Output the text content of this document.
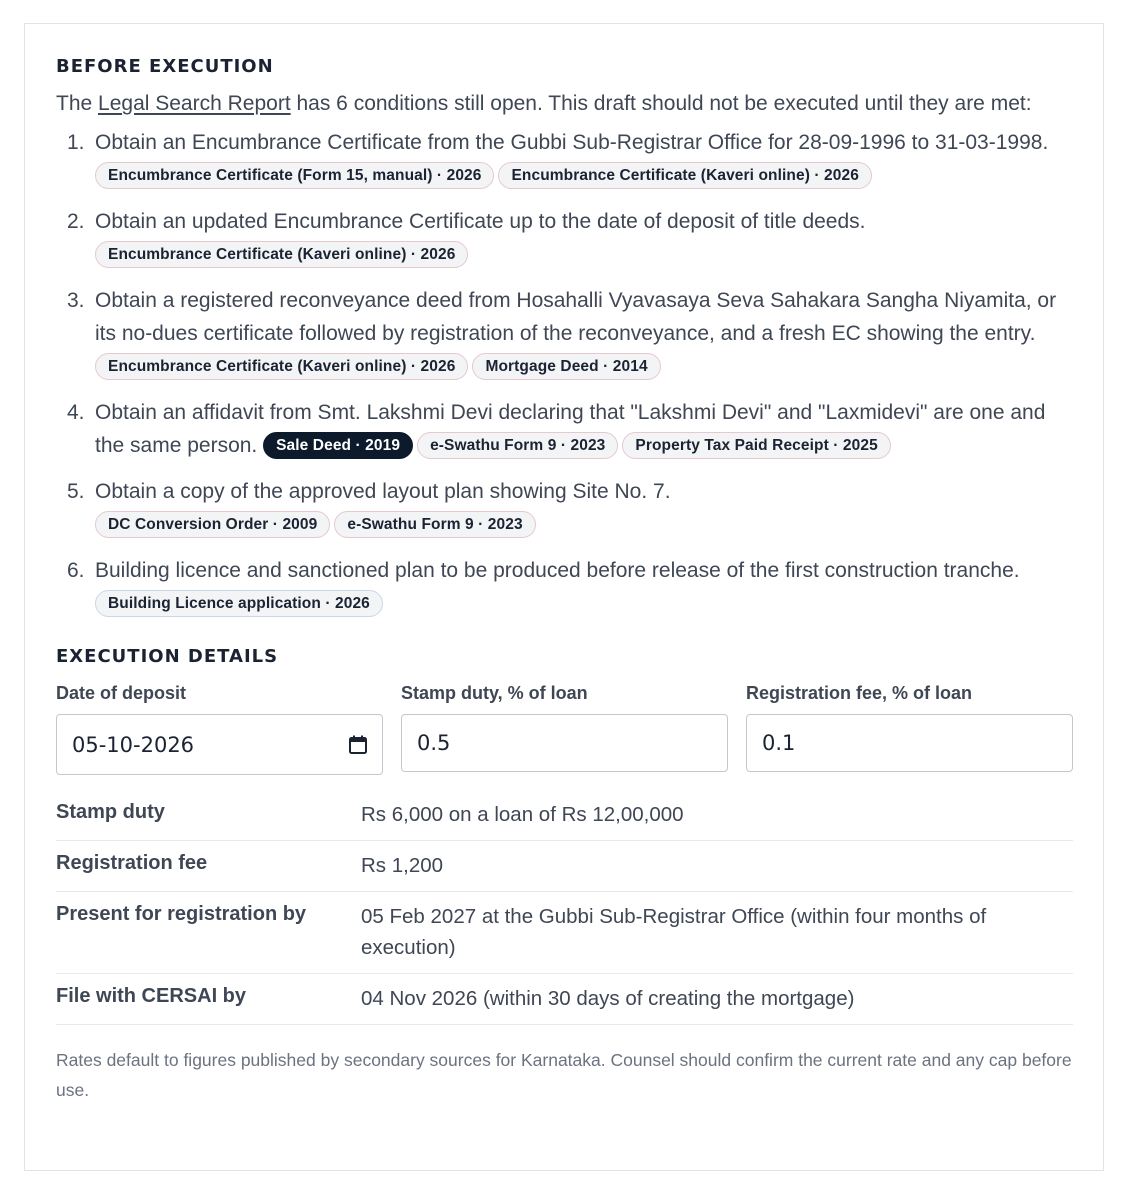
BEFORE EXECUTION

The Legal Search Report has 6 conditions still open. This draft should not be executed until they are met:

1. Obtain an Encumbrance Certificate from the Gubbi Sub-Registrar Office for 28-09-1996 to 31-03-1998. Encumbrance Certificate (Form 15, manual) · 2026 Encumbrance Certificate (Kaveri online) · 2026
2. Obtain an updated Encumbrance Certificate up to the date of deposit of title deeds.
Encumbrance Certificate (Kaveri online) · 2026
3. Obtain a registered reconveyance deed from Hosahalli Vyavasaya Seva Sahakara Sangha Niyamita, or its no-dues certificate followed by registration of the reconveyance, and a fresh EC showing the entry. Encumbrance Certificate (Kaveri online) · 2026 Mortgage Deed · 2014
4. Obtain an affidavit from Smt. Lakshmi Devi declaring that "Lakshmi Devi" and "Laxmidevi" are one and the same person. Sale Deed · 2019 e-Swathu Form 9 · 2023 Property Tax Paid Receipt · 2025
5. Obtain a copy of the approved layout plan showing Site No. 7.
DC Conversion Order · 2009 e-Swathu Form 9 · 2023
6. Building licence and sanctioned plan to be produced before release of the first construction tranche. Building Licence application · 2026
EXECUTION DETAILS
Date of deposit
05-10-2026
Stamp duty, % of loan
0.5
Registration fee, % of loan
0.1
Stamp duty	Rs 6,000 on a loan of Rs 12,00,000
Registration fee	Rs 1,200
Present for registration by	05 Feb 2027 at the Gubbi Sub-Registrar Office (within four months of execution)
File with CERSAI by	04 Nov 2026 (within 30 days of creating the mortgage)

Rates default to figures published by secondary sources for Karnataka. Counsel should confirm the current rate and any cap before use.
